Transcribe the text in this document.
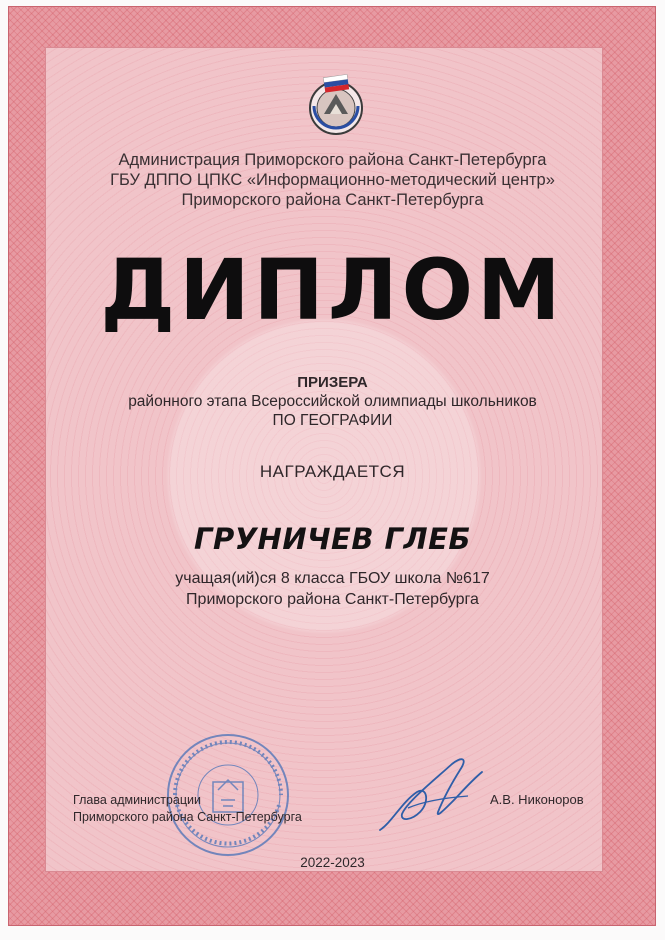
Администрация Приморского района Санкт-Петербурга
ГБУ ДППО ЦПКС «Информационно-методический центр»
Приморского района Санкт-Петербурга
ДИПЛОМ
ПРИЗЕРА
районного этапа Всероссийской олимпиады школьников
ПО ГЕОГРАФИИ
НАГРАЖДАЕТСЯ
ГРУНИЧЕВ ГЛЕБ
учащая(ий)ся 8 класса ГБОУ школа №617
Приморского района Санкт-Петербурга
Глава администрации
Приморского района Санкт-Петербурга
А.В. Никоноров
2022-2023
